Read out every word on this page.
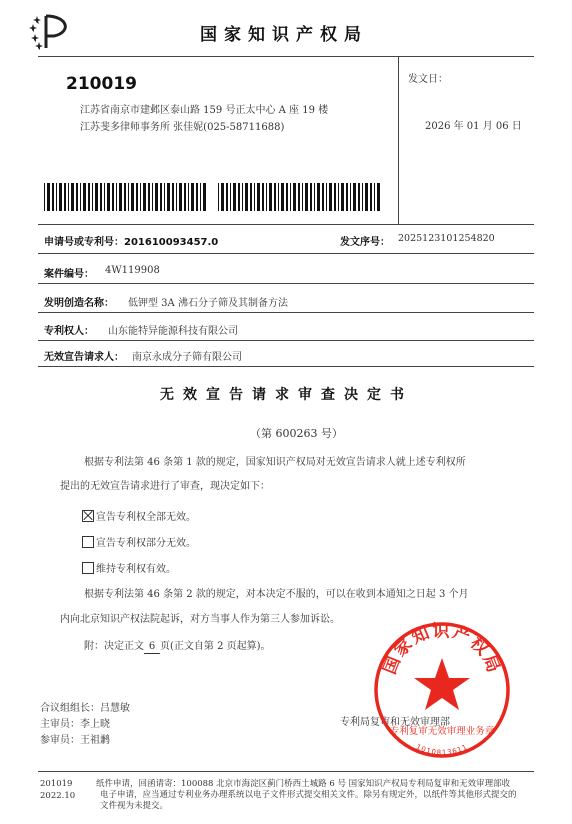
国家知识产权局
210019
江苏省南京市建邺区泰山路 159 号正太中心 A 座 19 楼
江苏斐多律师事务所 张佳妮(025-58711688)
发文日：
2026 年 01 月 06 日
申请号或专利号：201610093457.0	发文序号： 2025123101254820
案件编号： 4W119908
发明创造名称： 低钾型 3A 沸石分子筛及其制备方法
专利权人： 山东能特异能源科技有限公司
无效宣告请求人： 南京永成分子筛有限公司
无效宣告请求审查决定书
（第 600263 号）
根据专利法第 46 条第 1 款的规定，国家知识产权局对无效宣告请求人就上述专利权所
提出的无效宣告请求进行了审查，现决定如下：
宣告专利权全部无效。
宣告专利权部分无效。
维持专利权有效。
根据专利法第 46 条第 2 款的规定，对本决定不服的，可以在收到本通知之日起 3 个月
内向北京知识产权法院起诉，对方当事人作为第三人参加诉讼。
附：决定正文 6 页(正文自第 2 页起算)。
合议组组长：吕慧敏
主审员：李上晓
参审员：王祖鹣
专利局复审和无效审理部
国家知识产权局
专利复审无效审理业务章
1010813611
201019
2022.10
纸件申请，回函请寄：100088 北京市海淀区蓟门桥西土城路 6 号 国家知识产权局专利局复审和无效审理部收
电子申请，应当通过专利业务办理系统以电子文件形式提交相关文件。除另有规定外，以纸件等其他形式提交的
文件视为未提交。
